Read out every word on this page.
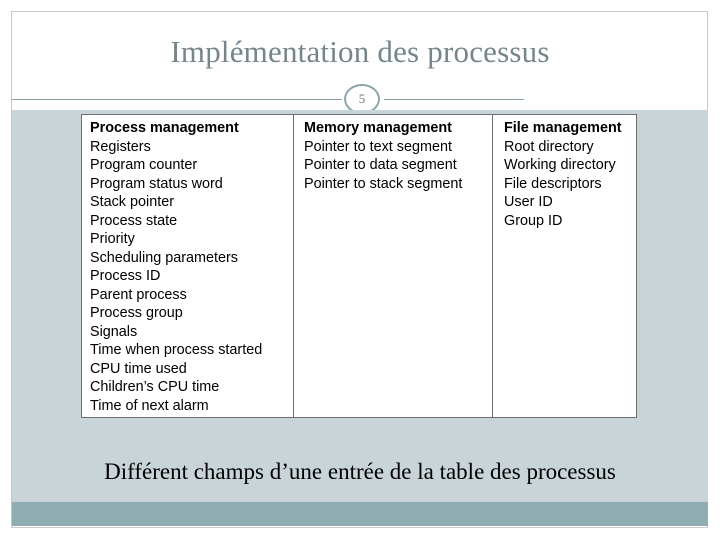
Implémentation des processus
5
Process management
Registers
Program counter
Program status word
Stack pointer
Process state
Priority
Scheduling parameters
Process ID
Parent process
Process group
Signals
Time when process started
CPU time used
Children’s CPU time
Time of next alarm
Memory management
Pointer to text segment
Pointer to data segment
Pointer to stack segment
File management
Root directory
Working directory
File descriptors
User ID
Group ID
Différent champs d’une entrée de la table des processus
